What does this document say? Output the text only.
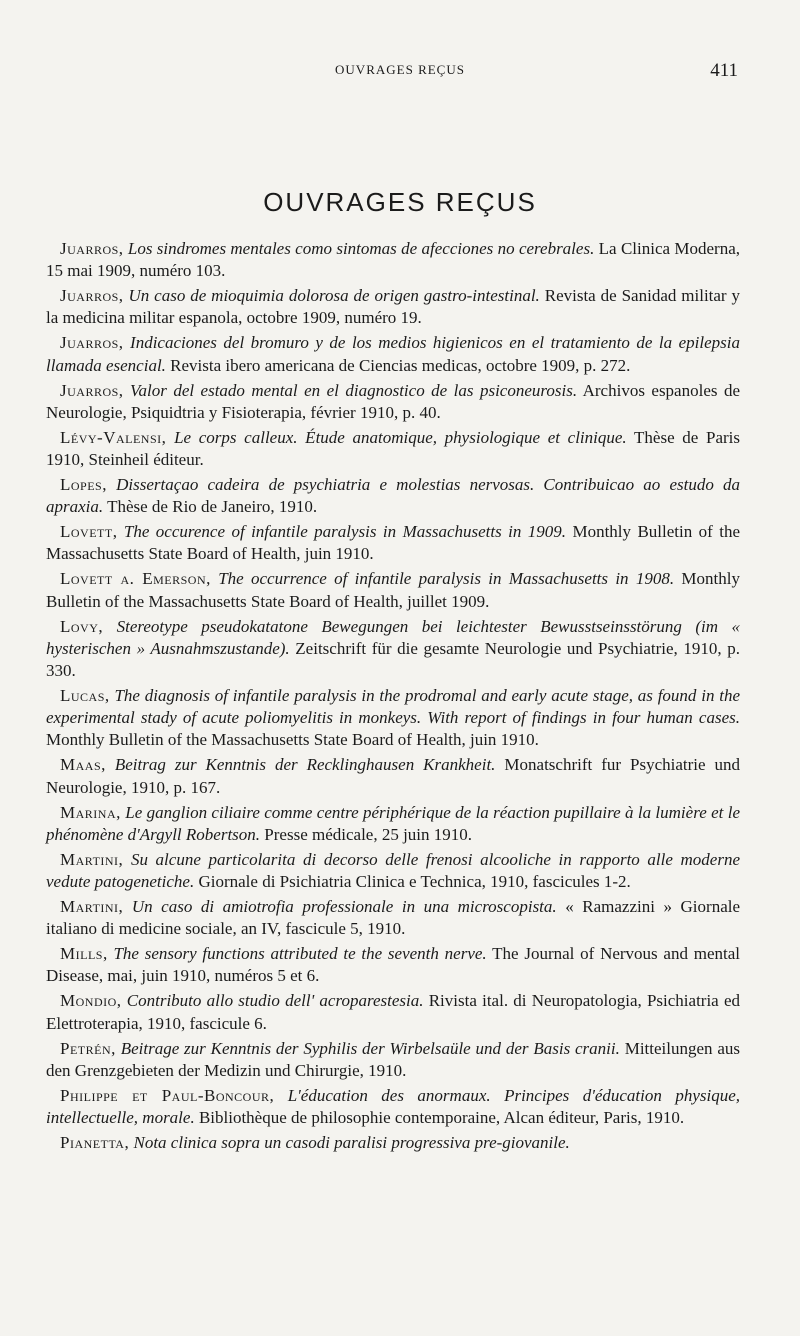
OUVRAGES REÇUS	411
OUVRAGES REÇUS

Juarros, Los sindromes mentales como sintomas de afecciones no cerebrales. La Clinica Moderna, 15 mai 1909, numéro 103.

Juarros, Un caso de mioquimia dolorosa de origen gastro-intestinal. Revista de Sanidad militar y la medicina militar espanola, octobre 1909, numéro 19.

Juarros, Indicaciones del bromuro y de los medios higienicos en el tratamiento de la epilepsia llamada esencial. Revista ibero americana de Ciencias medicas, octobre 1909, p. 272.

Juarros, Valor del estado mental en el diagnostico de las psiconeurosis. Archivos espanoles de Neurologie, Psiquidtria y Fisioterapia, février 1910, p. 40.

Lévy-Valensi, Le corps calleux. Étude anatomique, physiologique et clinique. Thèse de Paris 1910, Steinheil éditeur.

Lopes, Dissertaçao cadeira de psychiatria e molestias nervosas. Contribuicao ao estudo da apraxia. Thèse de Rio de Janeiro, 1910.

Lovett, The occurence of infantile paralysis in Massachusetts in 1909. Monthly Bulletin of the Massachusetts State Board of Health, juin 1910.

Lovett a. Emerson, The occurrence of infantile paralysis in Massachusetts in 1908. Monthly Bulletin of the Massachusetts State Board of Health, juillet 1909.

Lovy, Stereotype pseudokatatone Bewegungen bei leichtester Bewusstseinsstörung (im « hysterischen » Ausnahmszustande). Zeitschrift für die gesamte Neurologie und Psychiatrie, 1910, p. 330.

Lucas, The diagnosis of infantile paralysis in the prodromal and early acute stage, as found in the experimental stady of acute poliomyelitis in monkeys. With report of findings in four human cases. Monthly Bulletin of the Massachusetts State Board of Health, juin 1910.

Maas, Beitrag zur Kenntnis der Recklinghausen Krankheit. Monatschrift fur Psychiatrie und Neurologie, 1910, p. 167.

Marina, Le ganglion ciliaire comme centre périphérique de la réaction pupillaire à la lumière et le phénomène d'Argyll Robertson. Presse médicale, 25 juin 1910.

Martini, Su alcune particolarita di decorso delle frenosi alcooliche in rapporto alle moderne vedute patogenetiche. Giornale di Psichiatria Clinica e Technica, 1910, fascicules 1-2.

Martini, Un caso di amiotrofia professionale in una microscopista. « Ramazzini » Giornale italiano di medicine sociale, an IV, fascicule 5, 1910.

Mills, The sensory functions attributed te the seventh nerve. The Journal of Nervous and mental Disease, mai, juin 1910, numéros 5 et 6.

Mondio, Contributo allo studio dell' acroparestesia. Rivista ital. di Neuropatologia, Psichiatria ed Elettroterapia, 1910, fascicule 6.

Petrén, Beitrage zur Kenntnis der Syphilis der Wirbelsaüle und der Basis cranii. Mitteilungen aus den Grenzgebieten der Medizin und Chirurgie, 1910.

Philippe et Paul-Boncour, L'éducation des anormaux. Principes d'éducation physique, intellectuelle, morale. Bibliothèque de philosophie contemporaine, Alcan éditeur, Paris, 1910.

Pianetta, Nota clinica sopra un casodi paralisi progressiva pre-giovanile.
